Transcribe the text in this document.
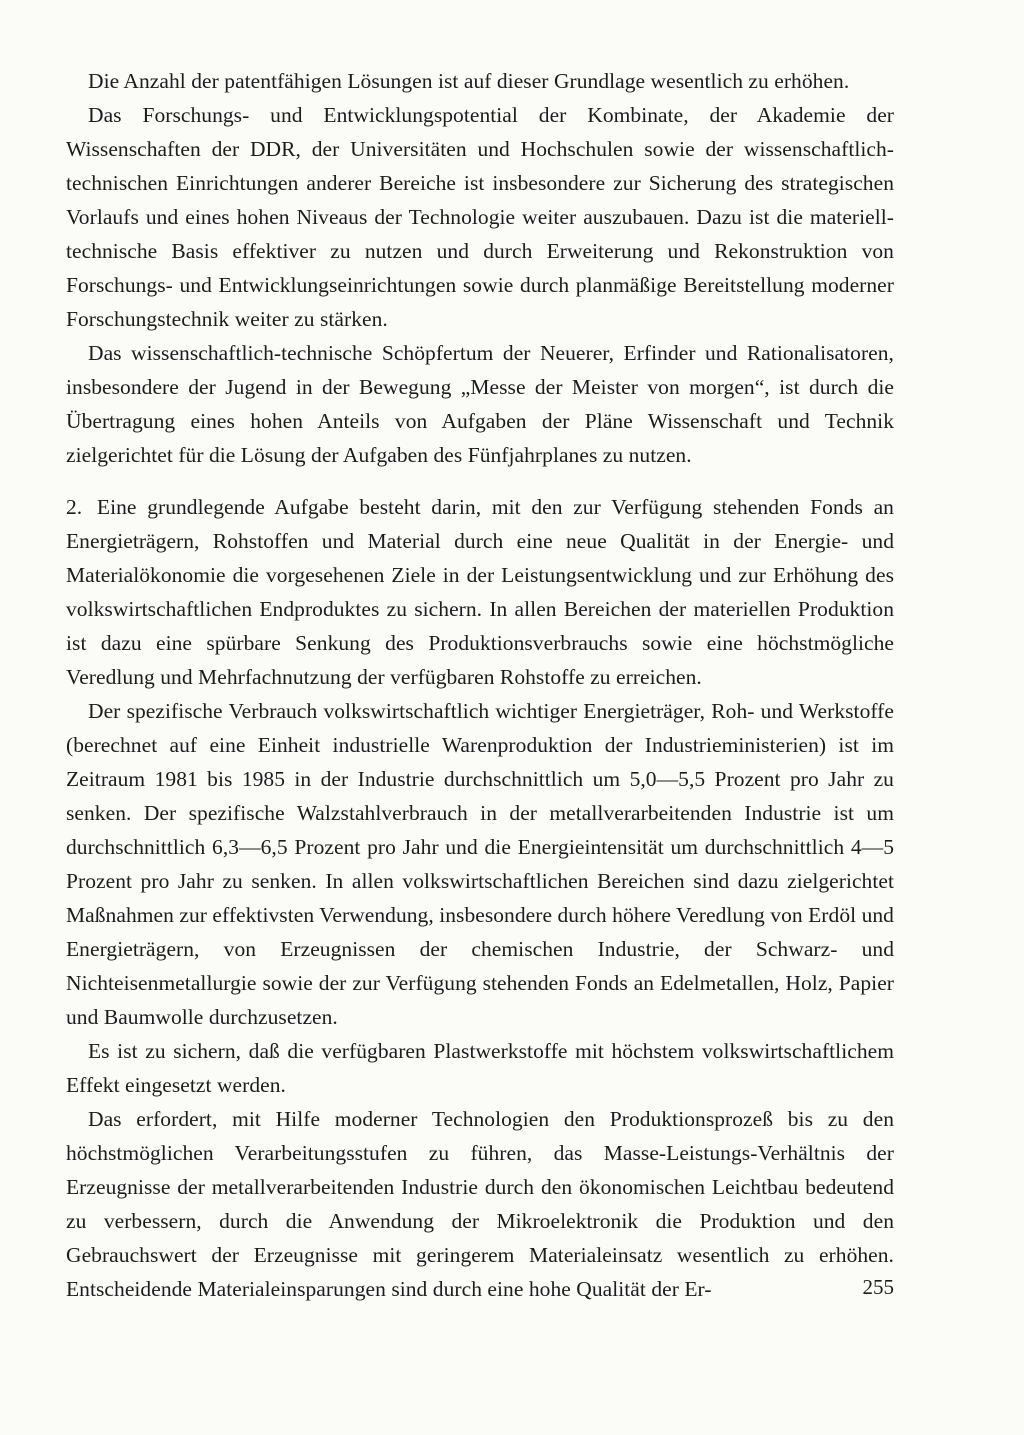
Die Anzahl der patentfähigen Lösungen ist auf dieser Grundlage wesentlich zu erhöhen.

Das Forschungs- und Entwicklungspotential der Kombinate, der Akademie der Wissenschaften der DDR, der Universitäten und Hochschulen sowie der wissenschaftlich-technischen Einrichtungen anderer Bereiche ist insbesondere zur Sicherung des strategischen Vorlaufs und eines hohen Niveaus der Technologie weiter auszubauen. Dazu ist die materiell-technische Basis effektiver zu nutzen und durch Erweiterung und Rekonstruktion von Forschungs- und Entwicklungseinrichtungen sowie durch planmäßige Bereitstellung moderner Forschungstechnik weiter zu stärken.

Das wissenschaftlich-technische Schöpfertum der Neuerer, Erfinder und Rationalisatoren, insbesondere der Jugend in der Bewegung „Messe der Meister von morgen“, ist durch die Übertragung eines hohen Anteils von Aufgaben der Pläne Wissenschaft und Technik zielgerichtet für die Lösung der Aufgaben des Fünfjahrplanes zu nutzen.

2. Eine grundlegende Aufgabe besteht darin, mit den zur Verfügung stehenden Fonds an Energieträgern, Rohstoffen und Material durch eine neue Qualität in der Energie- und Materialökonomie die vorgesehenen Ziele in der Leistungsentwicklung und zur Erhöhung des volkswirtschaftlichen Endproduktes zu sichern. In allen Bereichen der materiellen Produktion ist dazu eine spürbare Senkung des Produktionsverbrauchs sowie eine höchstmögliche Veredlung und Mehrfachnutzung der verfügbaren Rohstoffe zu erreichen.

Der spezifische Verbrauch volkswirtschaftlich wichtiger Energieträger, Roh- und Werkstoffe (berechnet auf eine Einheit industrielle Warenproduktion der Industrieministerien) ist im Zeitraum 1981 bis 1985 in der Industrie durchschnittlich um 5,0—5,5 Prozent pro Jahr zu senken. Der spezifische Walzstahlverbrauch in der metallverarbeitenden Industrie ist um durchschnittlich 6,3—6,5 Prozent pro Jahr und die Energieintensität um durchschnittlich 4—5 Prozent pro Jahr zu senken. In allen volkswirtschaftlichen Bereichen sind dazu zielgerichtet Maßnahmen zur effektivsten Verwendung, insbesondere durch höhere Veredlung von Erdöl und Energieträgern, von Erzeugnissen der chemischen Industrie, der Schwarz- und Nichteisenmetallurgie sowie der zur Verfügung stehenden Fonds an Edelmetallen, Holz, Papier und Baumwolle durchzusetzen.

Es ist zu sichern, daß die verfügbaren Plastwerkstoffe mit höchstem volkswirtschaftlichem Effekt eingesetzt werden.

Das erfordert, mit Hilfe moderner Technologien den Produktionsprozeß bis zu den höchstmöglichen Verarbeitungsstufen zu führen, das Masse-Leistungs-Verhältnis der Erzeugnisse der metallverarbeitenden Industrie durch den ökonomischen Leichtbau bedeutend zu verbessern, durch die Anwendung der Mikroelektronik die Produktion und den Gebrauchswert der Erzeugnisse mit geringerem Materialeinsatz wesentlich zu erhöhen. Entscheidende Materialeinsparungen sind durch eine hohe Qualität der Er-	255
